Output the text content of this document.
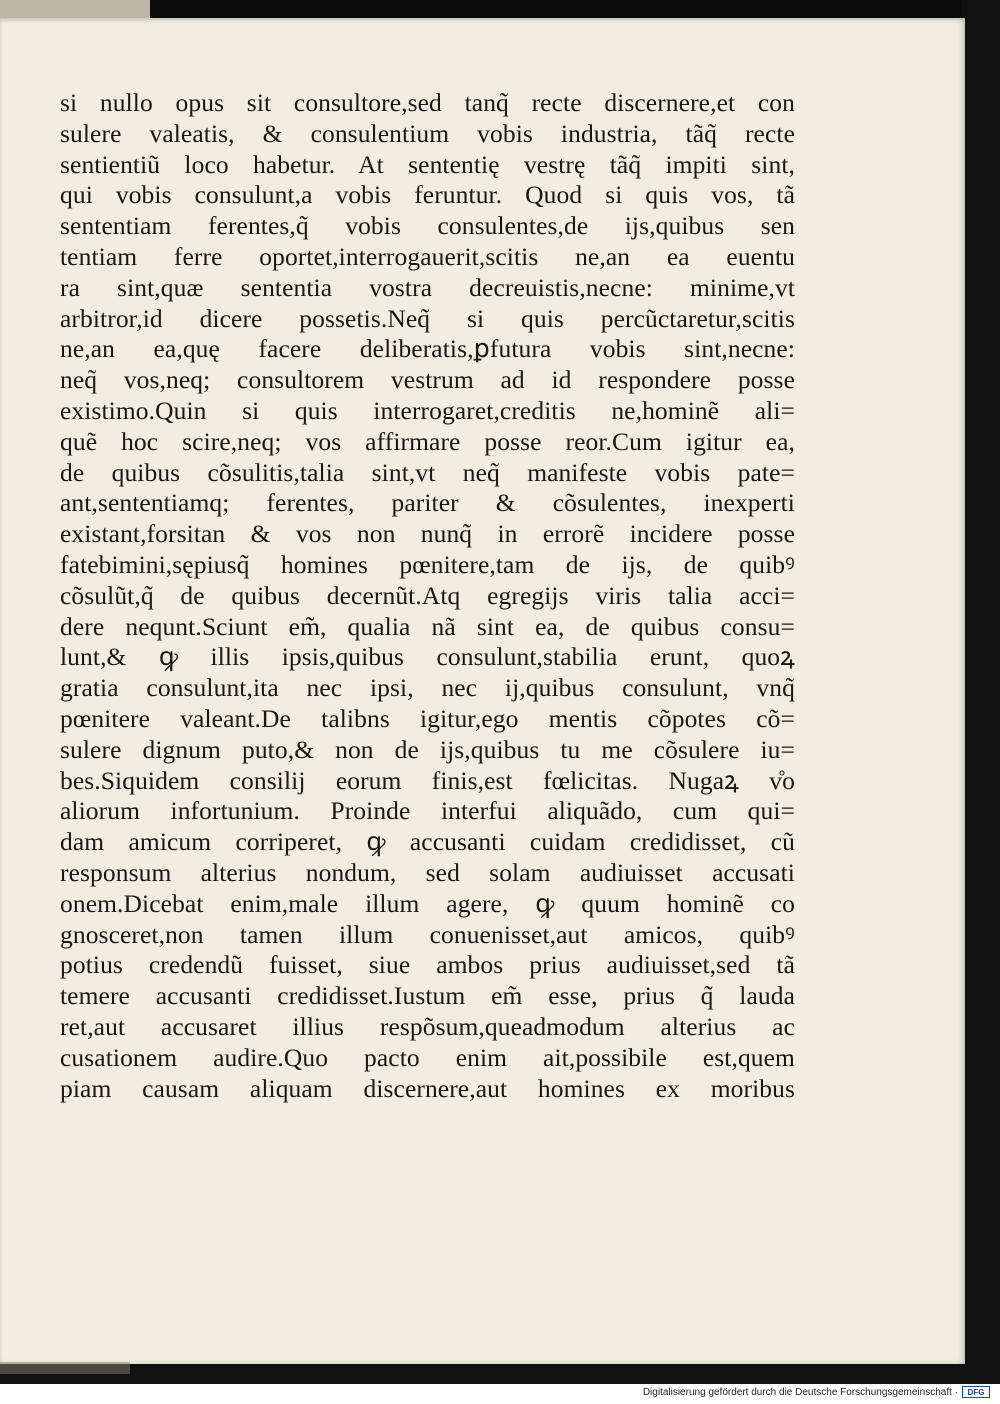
si nullo opus sit consultore,sed tanq̃ recte discernere,et con
sulere valeatis, & consulentium vobis industria, tãq̃ recte
sentientiũ loco habetur. At sententię vestrę tãq̃ impiti sint,
qui vobis consulunt,a vobis feruntur. Quod si quis vos, tã
sententiam ferentes,q̃ vobis consulentes,de ijs,quibus sen
tentiam ferre oportet,interrogauerit,scitis ne,an ea euentu
ra sint,quæ sententia vostra decreuistis,necne: minime,vt
arbitror,id dicere possetis.Neq̃ si quis percũctaretur,scitis
ne,an ea,quę facere deliberatis,ꝑfutura vobis sint,necne:
neq̃ vos,neq; consultorem vestrum ad id respondere posse
existimo.Quin si quis interrogaret,creditis ne,hominẽ ali=
quẽ hoc scire,neq; vos affirmare posse reor.Cum igitur ea,
de quibus cõsulitis,talia sint,vt neq̃ manifeste vobis pate=
ant,sententiamq; ferentes, pariter & cõsulentes, inexperti
existant,forsitan & vos non nunq̃ in errorẽ incidere posse
fatebimini,sępiusq̃ homines pœnitere,tam de ijs, de quibꝰ
cõsulũt,q̃ de quibus decernũt.Atq egregijs viris talia acci=
dere nequnt.Sciunt em̃, qualia nã sint ea, de quibus consu=
lunt,& ꝙ illis ipsis,quibus consulunt,stabilia erunt, quoꝝ
gratia consulunt,ita nec ipsi, nec ij,quibus consulunt, vnq̃
pœnitere valeant.De talibns igitur,ego mentis cõpotes cõ=
sulere dignum puto,& non de ijs,quibus tu me cõsulere iu=
bes.Siquidem consilij eorum finis,est fœlicitas. Nugaꝝ v̊o
aliorum infortunium. Proinde interfui aliquãdo, cum qui=
dam amicum corriperet, ꝙ accusanti cuidam credidisset, cũ
responsum alterius nondum, sed solam audiuisset accusati
onem.Dicebat enim,male illum agere, ꝙ quum hominẽ co
gnosceret,non tamen illum conuenisset,aut amicos, quibꝰ
potius credendũ fuisset, siue ambos prius audiuisset,sed tã
temere accusanti credidisset.Iustum em̃ esse, prius q̃ lauda
ret,aut accusaret illius respõsum,queadmodum alterius ac
cusationem audire.Quo pacto enim ait,possibile est,quem
piam causam aliquam discernere,aut homines ex moribus
Digitalisierung gefördert durch die Deutsche Forschungsgemeinschaft ·	DFG
